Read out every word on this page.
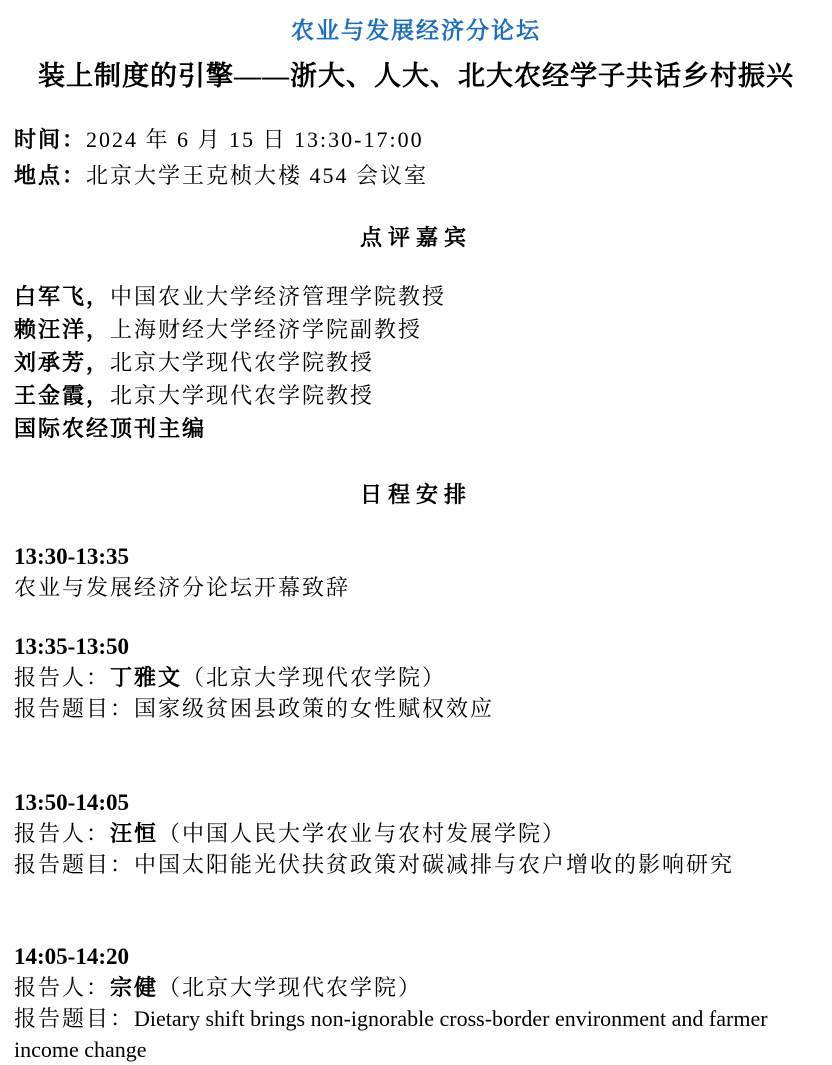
农业与发展经济分论坛
装上制度的引擎——浙大、人大、北大农经学子共话乡村振兴
时间：2024 年 6 月 15 日 13:30-17:00
地点：北京大学王克桢大楼 454 会议室
点评嘉宾
白军飞，中国农业大学经济管理学院教授
赖汪洋，上海财经大学经济学院副教授
刘承芳，北京大学现代农学院教授
王金霞，北京大学现代农学院教授
国际农经顶刊主编
日程安排
13:30-13:35
农业与发展经济分论坛开幕致辞
13:35-13:50
报告人：丁雅文（北京大学现代农学院）
报告题目：国家级贫困县政策的女性赋权效应
13:50-14:05
报告人：汪恒（中国人民大学农业与农村发展学院）
报告题目：中国太阳能光伏扶贫政策对碳减排与农户增收的影响研究
14:05-14:20
报告人：宗健（北京大学现代农学院）
报告题目：Dietary shift brings non-ignorable cross-border environment and farmer income change
